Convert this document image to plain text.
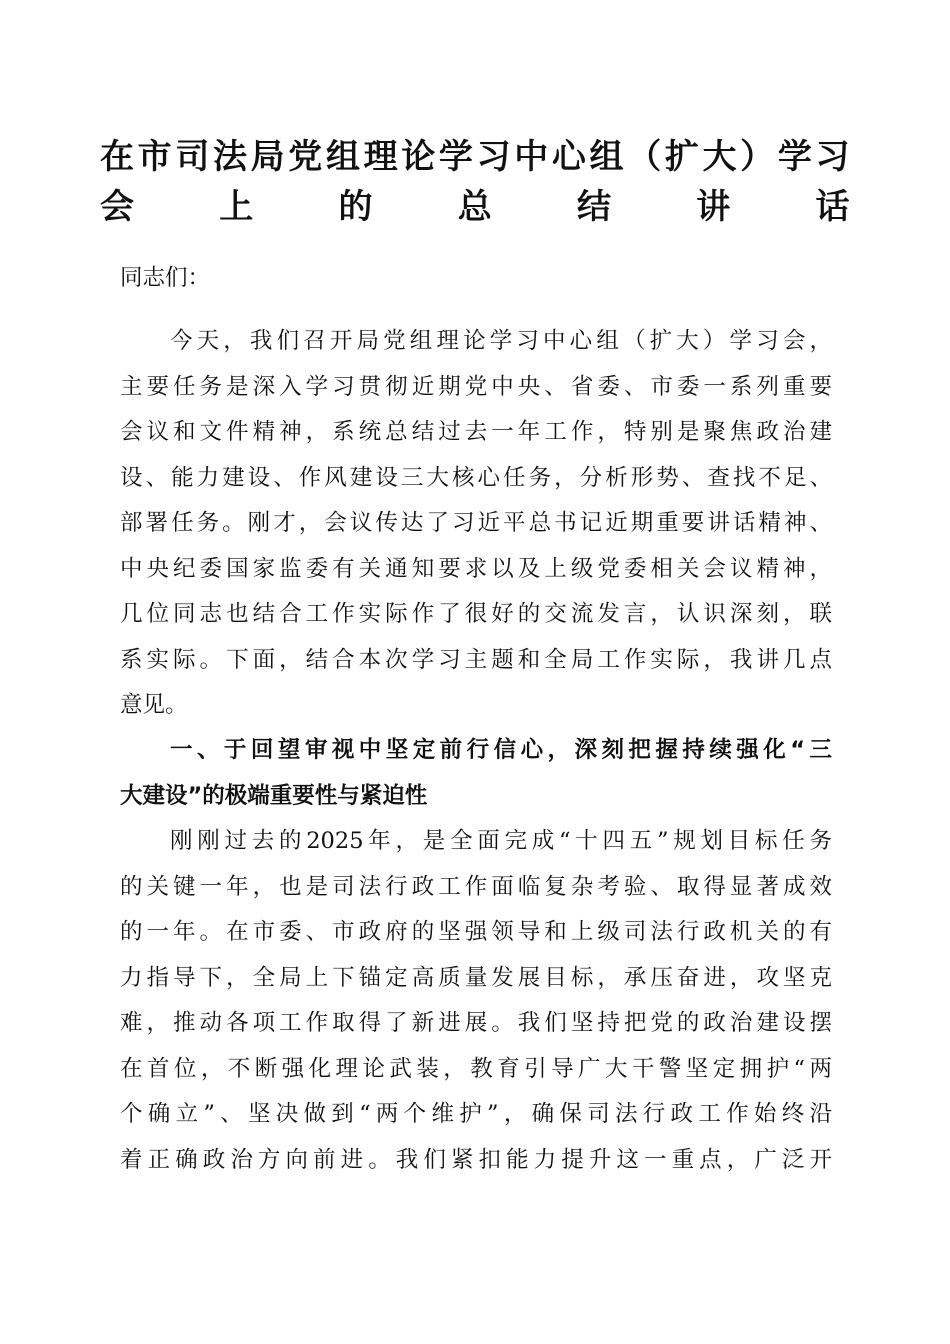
在市司法局党组理论学习中心组（扩大）学习
会上的总结讲话
同志们：
今天，我们召开局党组理论学习中心组（扩大）学习会，
主要任务是深入学习贯彻近期党中央、省委、市委一系列重要
会议和文件精神，系统总结过去一年工作，特别是聚焦政治建
设、能力建设、作风建设三大核心任务，分析形势、查找不足、
部署任务。刚才，会议传达了习近平总书记近期重要讲话精神、
中央纪委国家监委有关通知要求以及上级党委相关会议精神，
几位同志也结合工作实际作了很好的交流发言，认识深刻，联
系实际。下面，结合本次学习主题和全局工作实际，我讲几点
意见。
一、于回望审视中坚定前行信心，深刻把握持续强化“三
大建设”的极端重要性与紧迫性
刚刚过去的2025年，是全面完成“十四五”规划目标任务
的关键一年，也是司法行政工作面临复杂考验、取得显著成效
的一年。在市委、市政府的坚强领导和上级司法行政机关的有
力指导下，全局上下锚定高质量发展目标，承压奋进，攻坚克
难，推动各项工作取得了新进展。我们坚持把党的政治建设摆
在首位，不断强化理论武装，教育引导广大干警坚定拥护“两
个确立”、坚决做到“两个维护”，确保司法行政工作始终沿
着正确政治方向前进。我们紧扣能力提升这一重点，广泛开
